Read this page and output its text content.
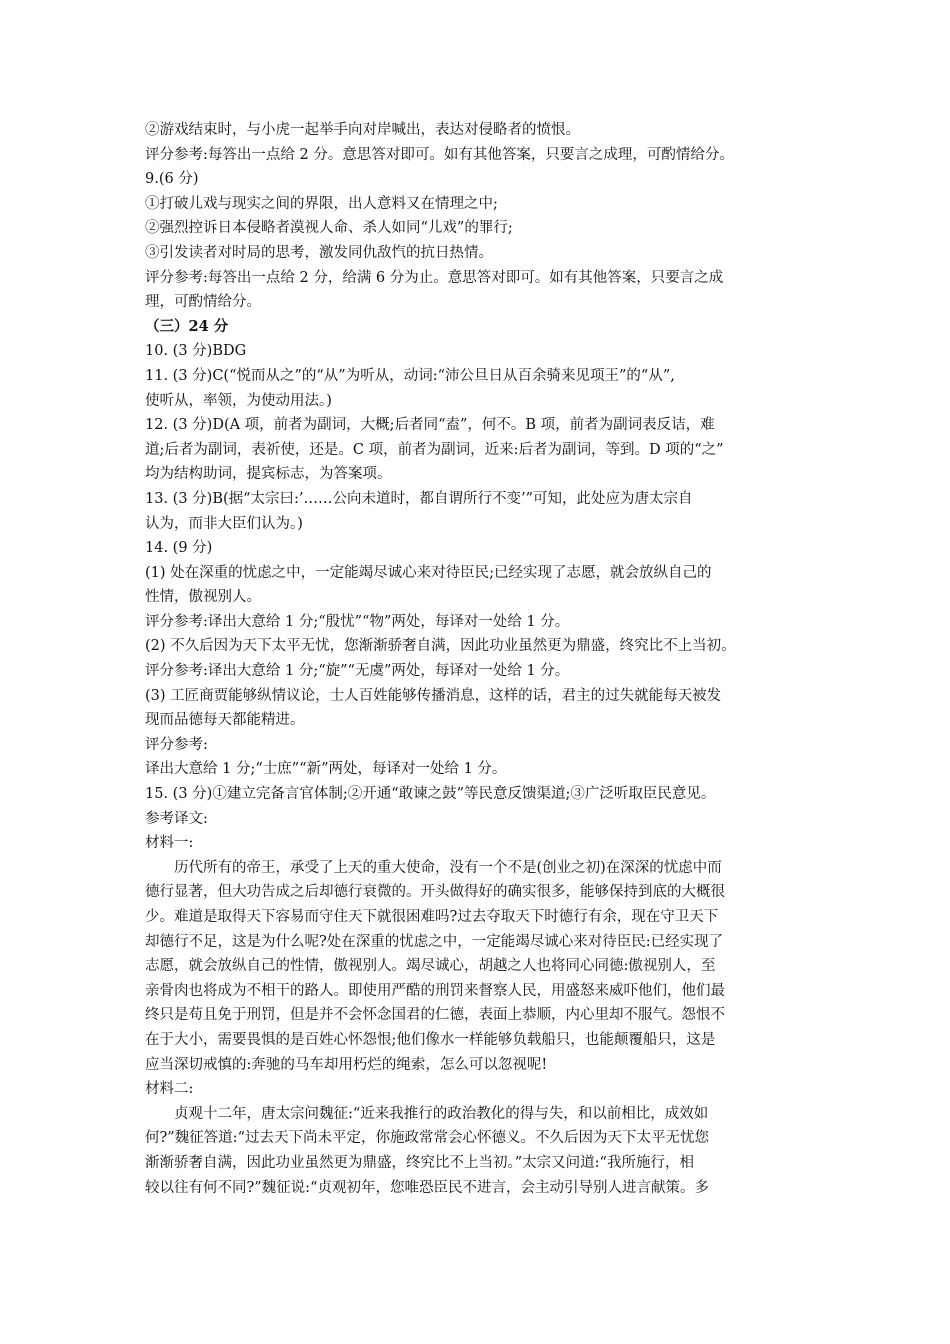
②游戏结束时，与小虎一起举手向对岸喊出，表达对侵略者的愤恨。
评分参考:每答出一点给 2 分。意思答对即可。如有其他答案，只要言之成理，可酌情给分。
9.(6 分)
①打破儿戏与现实之间的界限，出人意料又在情理之中;
②强烈控诉日本侵略者漠视人命、杀人如同“儿戏”的罪行;
③引发读者对时局的思考，激发同仇敌忾的抗日热情。
评分参考:每答出一点给 2 分，给满 6 分为止。意思答对即可。如有其他答案，只要言之成
理，可酌情给分。
（三）24 分
10. (3 分)BDG
11. (3 分)C(“悦而从之”的“从”为听从，动词:“沛公旦日从百余骑来见项王”的“从”,
使听从，率领，为使动用法。)
12. (3 分)D(A 项，前者为副词，大概;后者同“盍”，何不。B 项，前者为副词表反诘，难
道;后者为副词，表祈使，还是。C 项，前者为副词，近来:后者为副词，等到。D 项的“之”
均为结构助词，提宾标志，为答案项。
13. (3 分)B(据“太宗曰:’……公向未道时，都自谓所行不变’”可知，此处应为唐太宗自
认为，而非大臣们认为。)
14. (9 分)
(1) 处在深重的忧虑之中，一定能竭尽诚心来对待臣民;已经实现了志愿，就会放纵自己的
性情，傲视别人。
评分参考:译出大意给 1 分;“殷忧”“物”两处，每译对一处给 1 分。
(2) 不久后因为天下太平无忧，您渐渐骄奢自满，因此功业虽然更为鼎盛，终究比不上当初。
评分参考:译出大意给 1 分;“旋”“无虞”两处，每译对一处给 1 分。
(3) 工匠商贾能够纵情议论，士人百姓能够传播消息，这样的话，君主的过失就能每天被发
现而品德每天都能精进。
评分参考:
译出大意给 1 分;“士庶”“新”两处，每译对一处给 1 分。
15. (3 分)①建立完备言官体制;②开通“敢谏之鼓”等民意反馈渠道;③广泛听取臣民意见。
参考译文:
材料一:
历代所有的帝王，承受了上天的重大使命，没有一个不是(创业之初)在深深的忧虑中而
德行显著，但大功告成之后却德行衰微的。开头做得好的确实很多，能够保持到底的大概很
少。难道是取得天下容易而守住天下就很困难吗?过去夺取天下时德行有余，现在守卫天下
却德行不足，这是为什么呢?处在深重的忧虑之中，一定能竭尽诚心来对待臣民:已经实现了
志愿，就会放纵自己的性情，傲视别人。竭尽诚心，胡越之人也将同心同德:傲视别人，至
亲骨肉也将成为不相干的路人。即使用严酷的刑罚来督察人民，用盛怒来威吓他们，他们最
终只是苟且免于刑罚，但是并不会怀念国君的仁德，表面上恭顺，内心里却不服气。怨恨不
在于大小，需要畏惧的是百姓心怀怨恨;他们像水一样能够负载船只，也能颠覆船只，这是
应当深切戒慎的:奔驰的马车却用朽烂的绳索，怎么可以忽视呢!
材料二:
贞观十二年，唐太宗问魏征:“近来我推行的政治教化的得与失，和以前相比，成效如
何?”魏征答道:“过去天下尚未平定，你施政常常会心怀德义。不久后因为天下太平无忧您
渐渐骄奢自满，因此功业虽然更为鼎盛，终究比不上当初。”太宗又问道:“我所施行，相
较以往有何不同?”魏征说:“贞观初年，您唯恐臣民不进言，会主动引导别人进言献策。多
